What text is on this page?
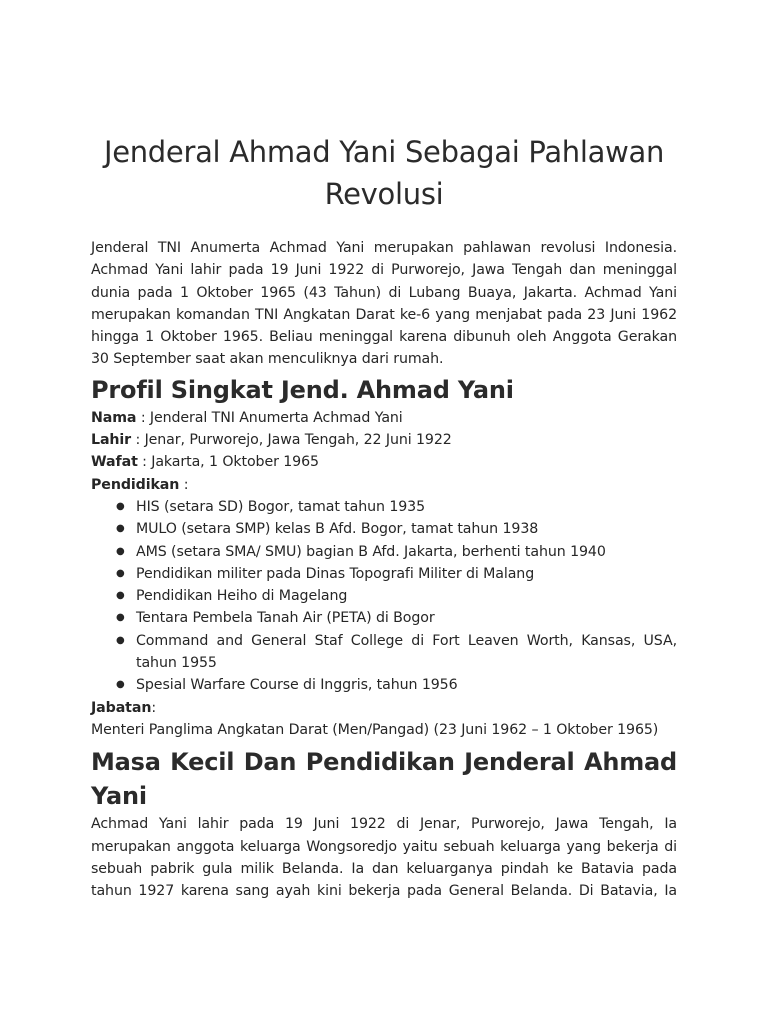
Jenderal Ahmad Yani Sebagai Pahlawan Revolusi

Jenderal TNI Anumerta Achmad Yani merupakan pahlawan revolusi Indonesia. Achmad Yani lahir pada 19 Juni 1922 di Purworejo, Jawa Tengah dan meninggal dunia pada 1 Oktober 1965 (43 Tahun) di Lubang Buaya, Jakarta. Achmad Yani merupakan komandan TNI Angkatan Darat ke-6 yang menjabat pada 23 Juni 1962 hingga 1 Oktober 1965. Beliau meninggal karena dibunuh oleh Anggota Gerakan 30 September saat akan menculiknya dari rumah.

Profil Singkat Jend. Ahmad Yani

Nama : Jenderal TNI Anumerta Achmad Yani

Lahir : Jenar, Purworejo, Jawa Tengah, 22 Juni 1922

Wafat : Jakarta, 1 Oktober 1965

Pendidikan :

● HIS (setara SD) Bogor, tamat tahun 1935
● MULO (setara SMP) kelas B Afd. Bogor, tamat tahun 1938
● AMS (setara SMA/ SMU) bagian B Afd. Jakarta, berhenti tahun 1940
● Pendidikan militer pada Dinas Topografi Militer di Malang
● Pendidikan Heiho di Magelang
● Tentara Pembela Tanah Air (PETA) di Bogor
● Command and General Staf College di Fort Leaven Worth, Kansas, USA, tahun 1955
● Spesial Warfare Course di Inggris, tahun 1956

Jabatan:

Menteri Panglima Angkatan Darat (Men/Pangad) (23 Juni 1962 – 1 Oktober 1965)

Masa Kecil Dan Pendidikan Jenderal Ahmad Yani

Achmad Yani lahir pada 19 Juni 1922 di Jenar, Purworejo, Jawa Tengah, Ia merupakan anggota keluarga Wongsoredjo yaitu sebuah keluarga yang bekerja di sebuah pabrik gula milik Belanda. Ia dan keluarganya pindah ke Batavia pada tahun 1927 karena sang ayah kini bekerja pada General Belanda. Di Batavia, Ia
